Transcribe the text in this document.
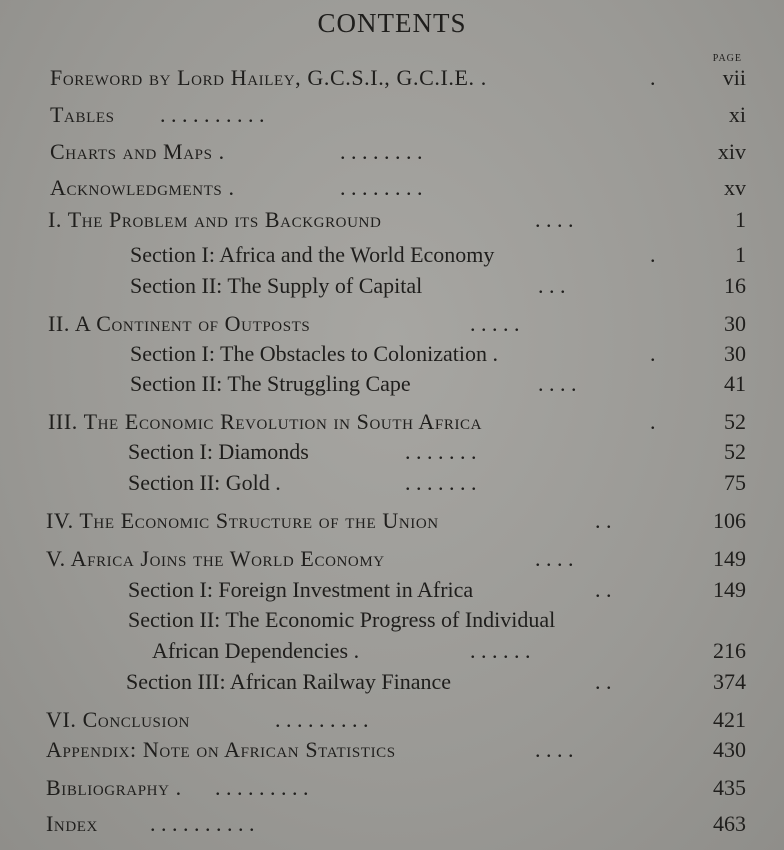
CONTENTS
PAGE
Foreword by Lord Hailey, G.C.S.I., G.C.I.E. .	.	vii
Tables . . . . . . . . . .	xi
Charts and Maps .	. . . . . . . .	xiv
Acknowledgments .	. . . . . . . .	xv
I. The Problem and its Background	. . . .	1
Section I: Africa and the World Economy	.	1
Section II: The Supply of Capital	. . .	16
II. A Continent of Outposts	. . . . .	30
Section I: The Obstacles to Colonization .	.	30
Section II: The Struggling Cape	. . . .	41
III. The Economic Revolution in South Africa	.	52
Section I: Diamonds	. . . . . . .	52
Section II: Gold .	. . . . . . .	75
IV. The Economic Structure of the Union	. .	106
V. Africa Joins the World Economy	. . . .	149
Section I: Foreign Investment in Africa	. .	149
Section II: The Economic Progress of Individual
African Dependencies .	. . . . . .	216
Section III: African Railway Finance	. .	374
VI. Conclusion	. . . . . . . . .	421
Appendix: Note on African Statistics	. . . .	430
Bibliography . . . . . . . . . .	435
Index . . . . . . . . . .	463
